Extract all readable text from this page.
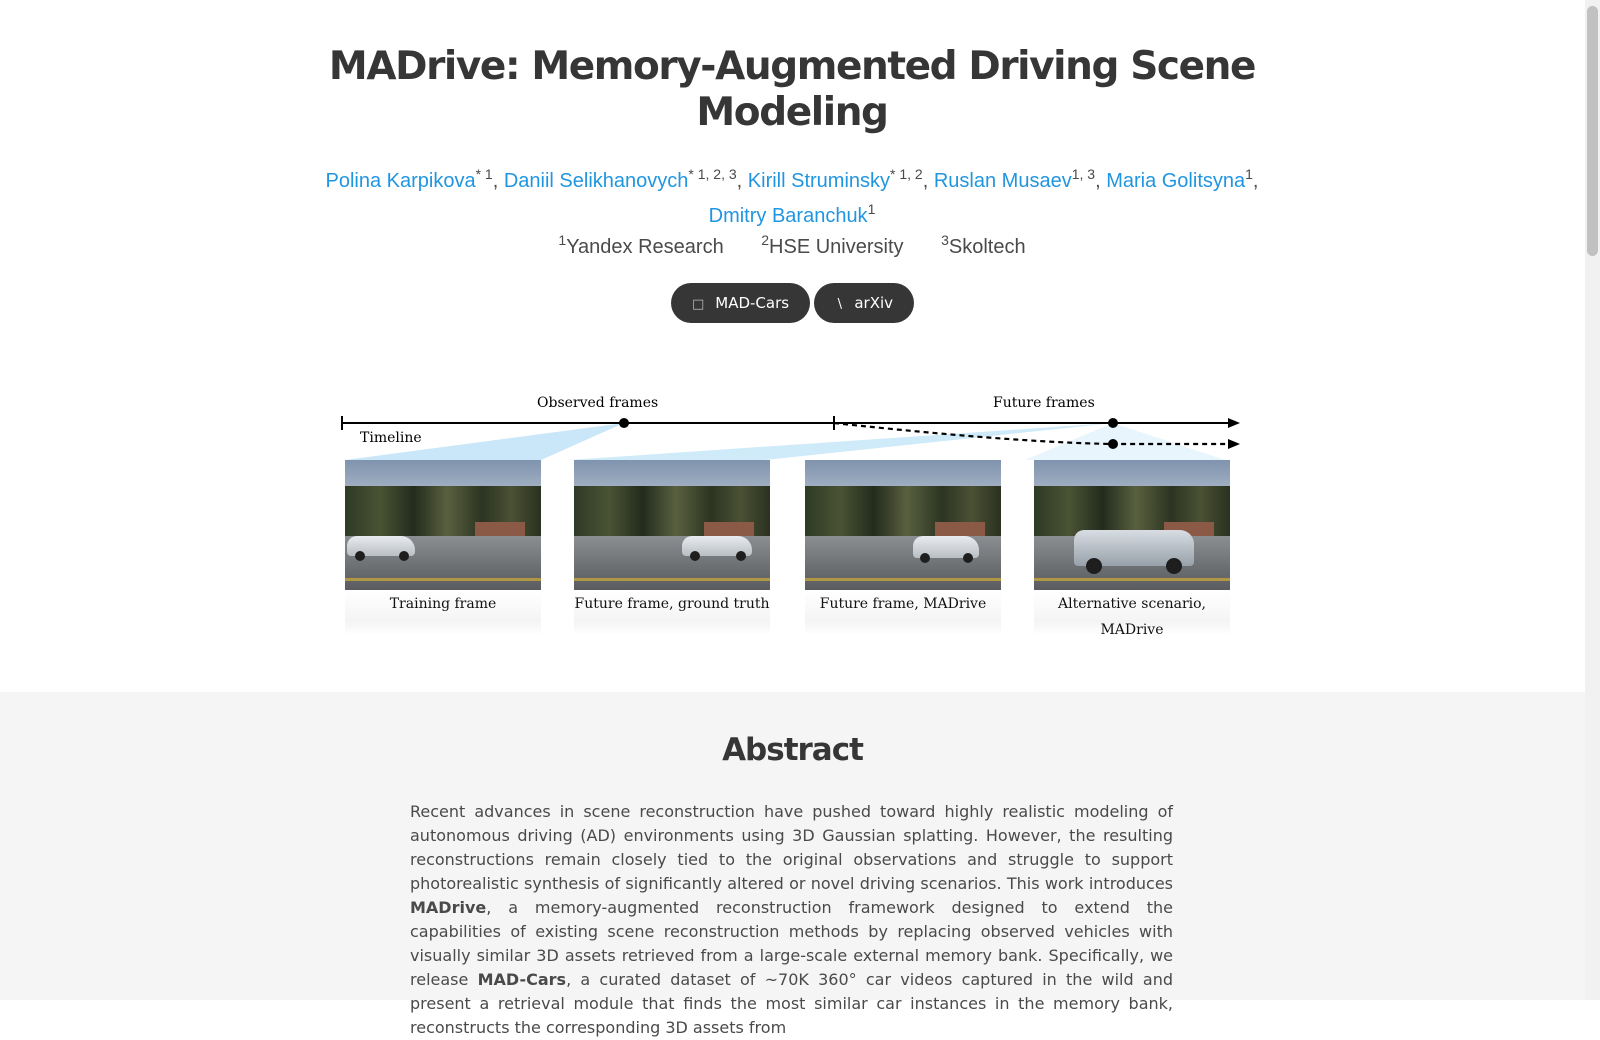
MADrive: Memory-Augmented Driving Scene Modeling
Polina Karpikova$^{* 1}$, Daniil Selikhanovych$^{* 1, 2, 3}$, Kirill Struminsky$^{* 1, 2}$, Ruslan Musaev$^{1, 3}$, Maria Golitsyna$^1$,
Dmitry Baranchuk$^1$
$^1$Yandex Research	$^2$HSE University	$^3$Skoltech
□ MAD-Cars	∖ arXiv
Observed frames	Future frames
Timeline
Training frame	Future frame, ground truth	Future frame, MADrive	Alternative scenario, MADrive
Abstract

Recent advances in scene reconstruction have pushed toward highly realistic modeling of autonomous driving (AD) environments using 3D Gaussian splatting. However, the resulting reconstructions remain closely tied to the original observations and struggle to support photorealistic synthesis of significantly altered or novel driving scenarios. This work introduces MADrive, a memory-augmented reconstruction framework designed to extend the capabilities of existing scene reconstruction methods by replacing observed vehicles with visually similar 3D assets retrieved from a large-scale external memory bank. Specifically, we release MAD-Cars, a curated dataset of ~70K 360° car videos captured in the wild and present a retrieval module that finds the most similar car instances in the memory bank, reconstructs the corresponding 3D assets from
